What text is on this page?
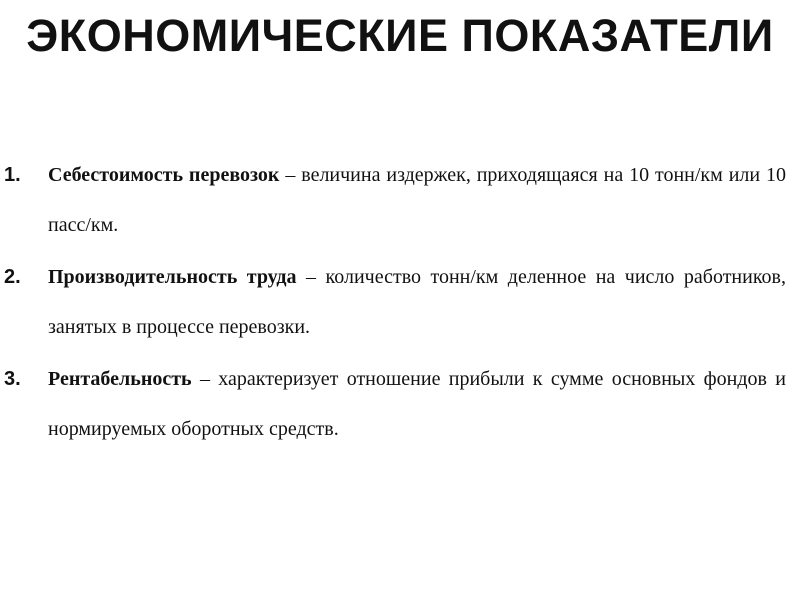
ЭКОНОМИЧЕСКИЕ ПОКАЗАТЕЛИ
1. Себестоимость перевозок – величина издержек, приходящаяся на 10 тонн/км или 10 пасс/км.
2. Производительность труда – количество тонн/км деленное на число работников, занятых в процессе перевозки.
3. Рентабельность – характеризует отношение прибыли к сумме основных фондов и нормируемых оборотных средств.
